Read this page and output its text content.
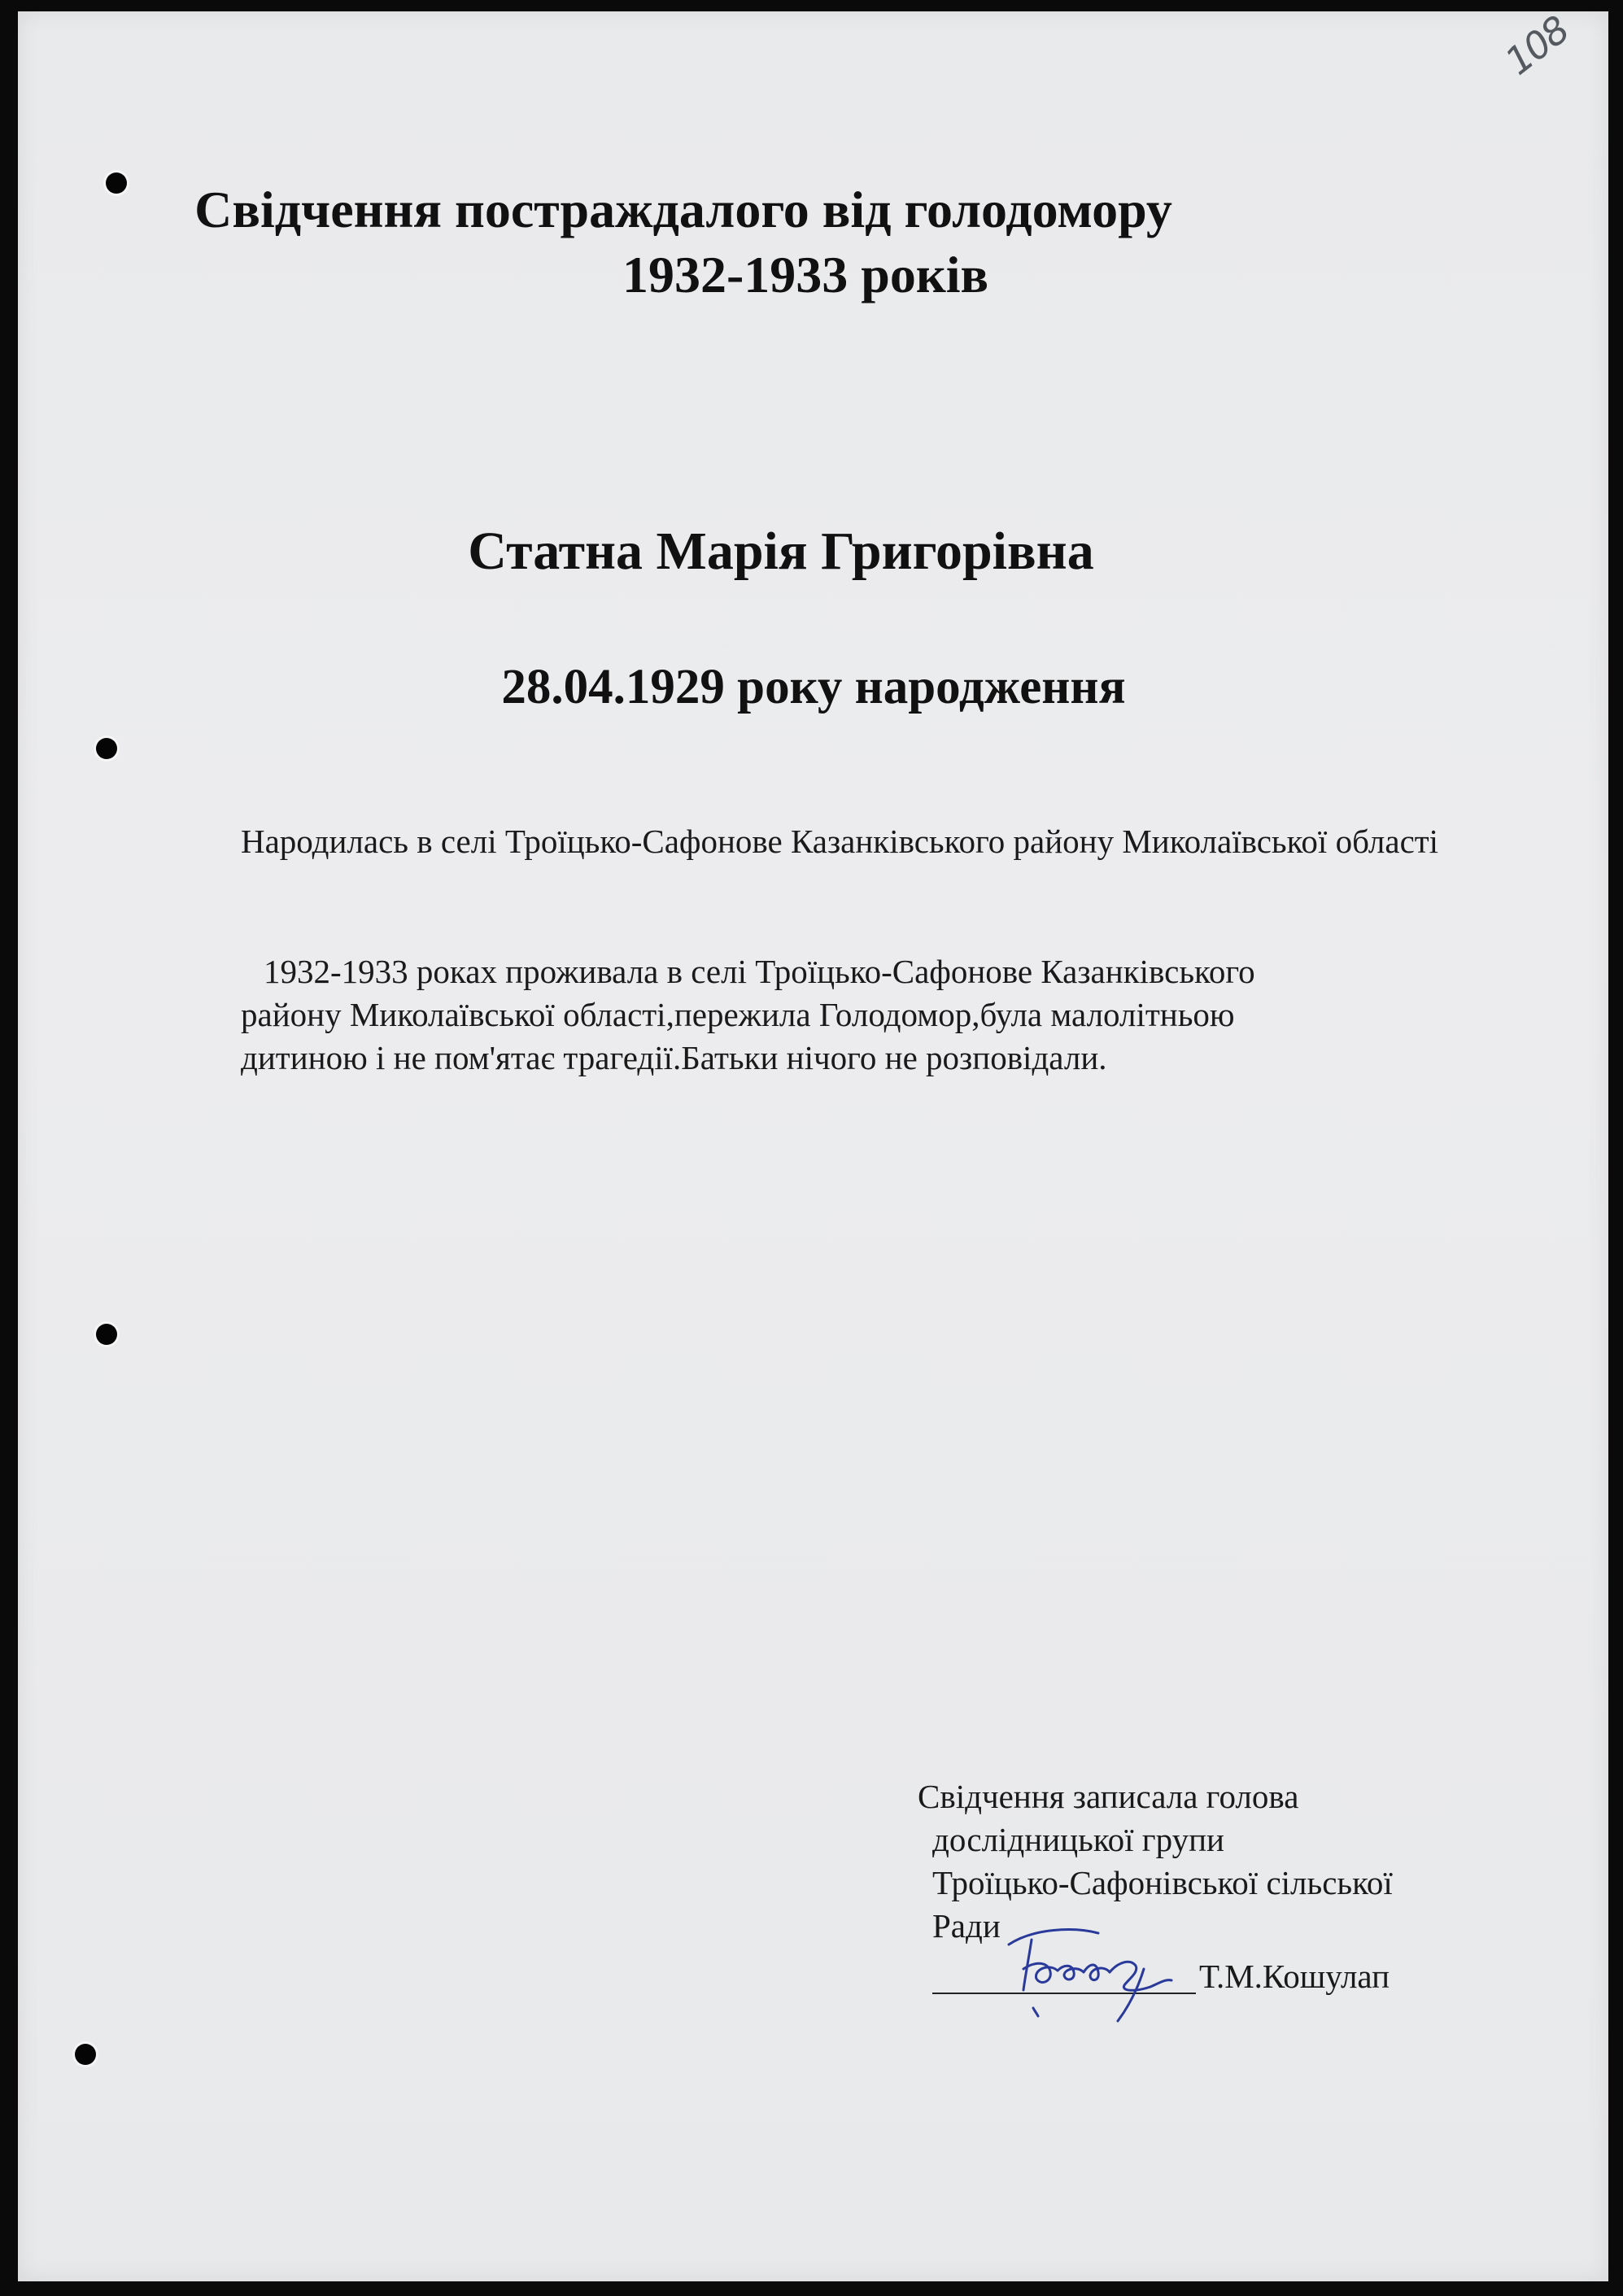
108
Свідчення постраждалого від голодомору
1932-1933 років
Статна Марія Григорівна
28.04.1929 року народження

Народилась в селі Троїцько-Сафонове Казанківського району Миколаївської області

1932-1933 роках проживала в селі Троїцько-Сафонове Казанківського
району Миколаївської області,пережила Голодомор,була малолітньою
дитиною і не пом'ятає трагедії.Батьки нічого не розповідали.

Свідчення записала голова
дослідницької групи
Троїцько-Сафонівської сільської
Ради
Т.М.Кошулап
